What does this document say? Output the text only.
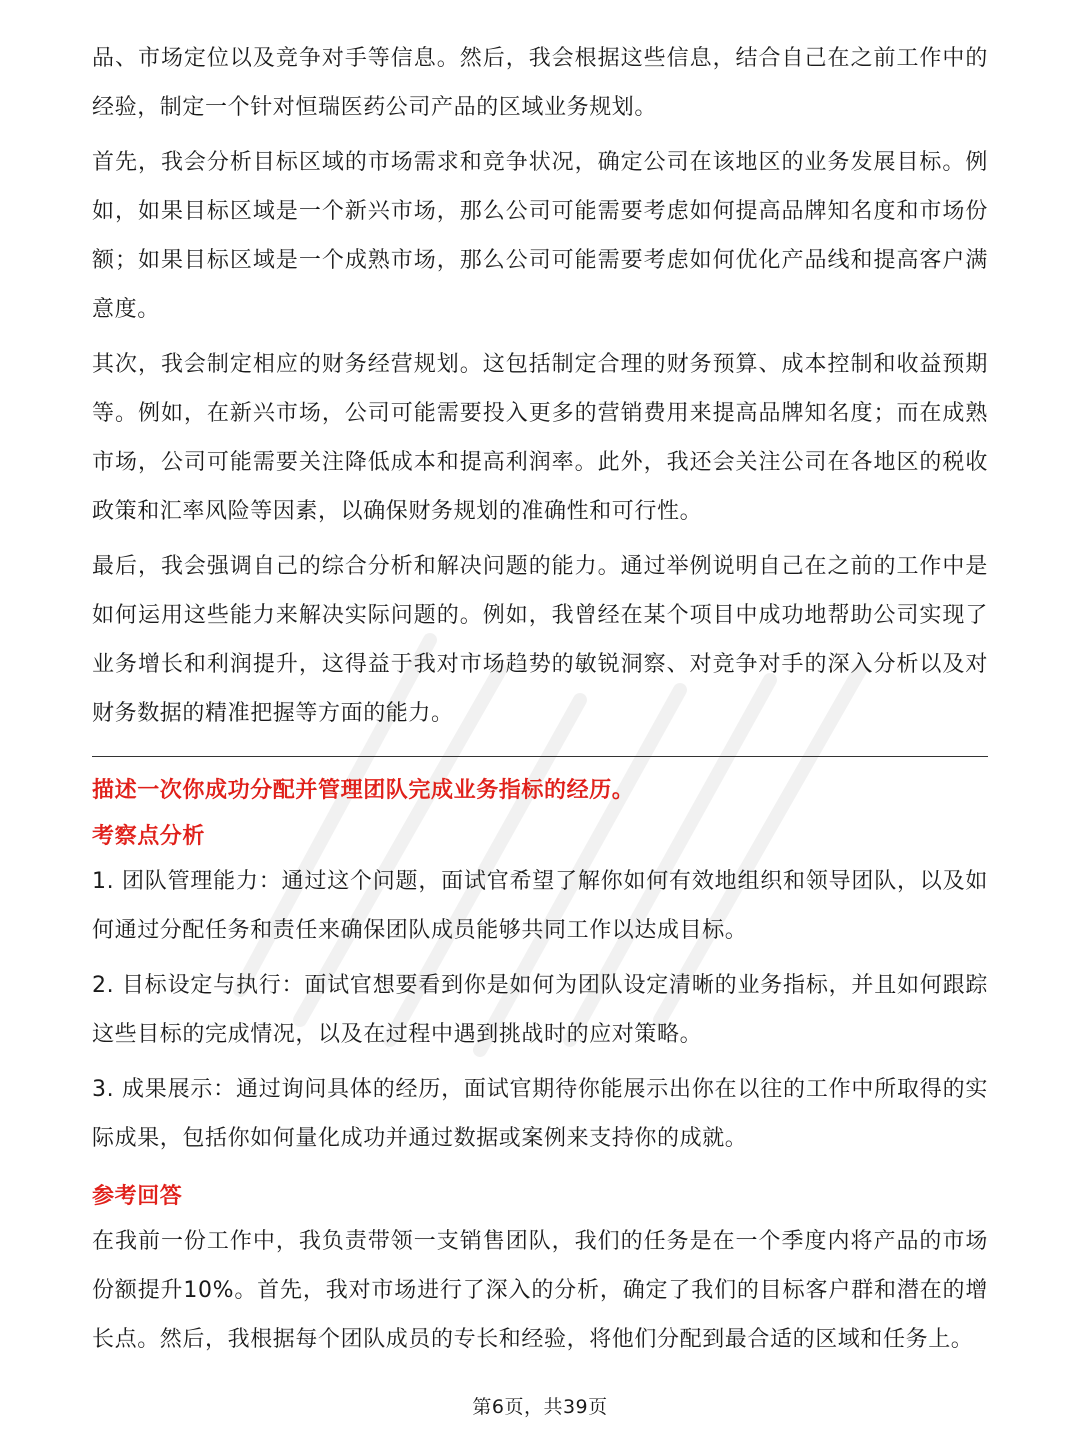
品、市场定位以及竞争对手等信息。然后，我会根据这些信息，结合自己在之前工作中的经验，制定一个针对恒瑞医药公司产品的区域业务规划。

首先，我会分析目标区域的市场需求和竞争状况，确定公司在该地区的业务发展目标。例如，如果目标区域是一个新兴市场，那么公司可能需要考虑如何提高品牌知名度和市场份额；如果目标区域是一个成熟市场，那么公司可能需要考虑如何优化产品线和提高客户满意度。

其次，我会制定相应的财务经营规划。这包括制定合理的财务预算、成本控制和收益预期等。例如，在新兴市场，公司可能需要投入更多的营销费用来提高品牌知名度；而在成熟市场，公司可能需要关注降低成本和提高利润率。此外，我还会关注公司在各地区的税收政策和汇率风险等因素，以确保财务规划的准确性和可行性。

最后，我会强调自己的综合分析和解决问题的能力。通过举例说明自己在之前的工作中是如何运用这些能力来解决实际问题的。例如，我曾经在某个项目中成功地帮助公司实现了业务增长和利润提升，这得益于我对市场趋势的敏锐洞察、对竞争对手的深入分析以及对财务数据的精准把握等方面的能力。

描述一次你成功分配并管理团队完成业务指标的经历。
考察点分析

1. 团队管理能力：通过这个问题，面试官希望了解你如何有效地组织和领导团队，以及如何通过分配任务和责任来确保团队成员能够共同工作以达成目标。

2. 目标设定与执行：面试官想要看到你是如何为团队设定清晰的业务指标，并且如何跟踪这些目标的完成情况，以及在过程中遇到挑战时的应对策略。

3. 成果展示：通过询问具体的经历，面试官期待你能展示出你在以往的工作中所取得的实际成果，包括你如何量化成功并通过数据或案例来支持你的成就。

参考回答

在我前一份工作中，我负责带领一支销售团队，我们的任务是在一个季度内将产品的市场份额提升10%。首先，我对市场进行了深入的分析，确定了我们的目标客户群和潜在的增长点。然后，我根据每个团队成员的专长和经验，将他们分配到最合适的区域和任务上。

第6页，共39页
